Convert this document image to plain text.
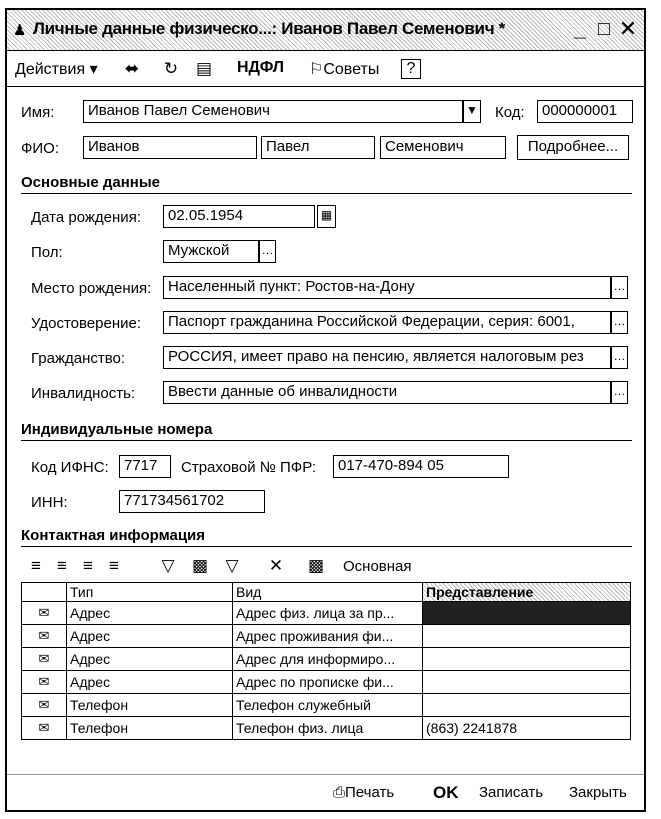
♟ Личные данные физическо...: Иванов Павел Семенович *	_ □ ✕
Действия ▾ ⬌ ↻ ▤ НДФЛ ⚐Советы	?
Имя:	Иванов Павел Семенович	▼ Код:	000000001
ФИО:	Иванов	Павел	Семенович	Подробнее...
Основные данные
Дата рождения:	02.05.1954	▦
Пол:	Мужской	…
Место рождения:	Населенный пункт: Ростов-на-Дону	…
Удостоверение:	Паспорт гражданина Российской Федерации, серия: 6001,	…
Гражданство:	РОССИЯ, имеет право на пенсию, является налоговым рез	…
Инвалидность:	Ввести данные об инвалидности	…
Индивидуальные номера
Код ИФНС:	7717	Страховой № ПФР:	017-470-894 05
ИНН:	771734561702
Контактная информация
≡ ≡ ≡ ≡	▽ ▩ ▽ ✕ ▩ Основная
	Тип	Вид	Представление
✉	Адрес	Адрес физ. лица за пр...	
✉	Адрес	Адрес проживания фи...	
✉	Адрес	Адрес для информиро...	
✉	Адрес	Адрес по прописке фи...	
✉	Телефон	Телефон служебный	
✉	Телефон	Телефон физ. лица	(863) 2241878
⎙Печать OK Записать Закрыть
